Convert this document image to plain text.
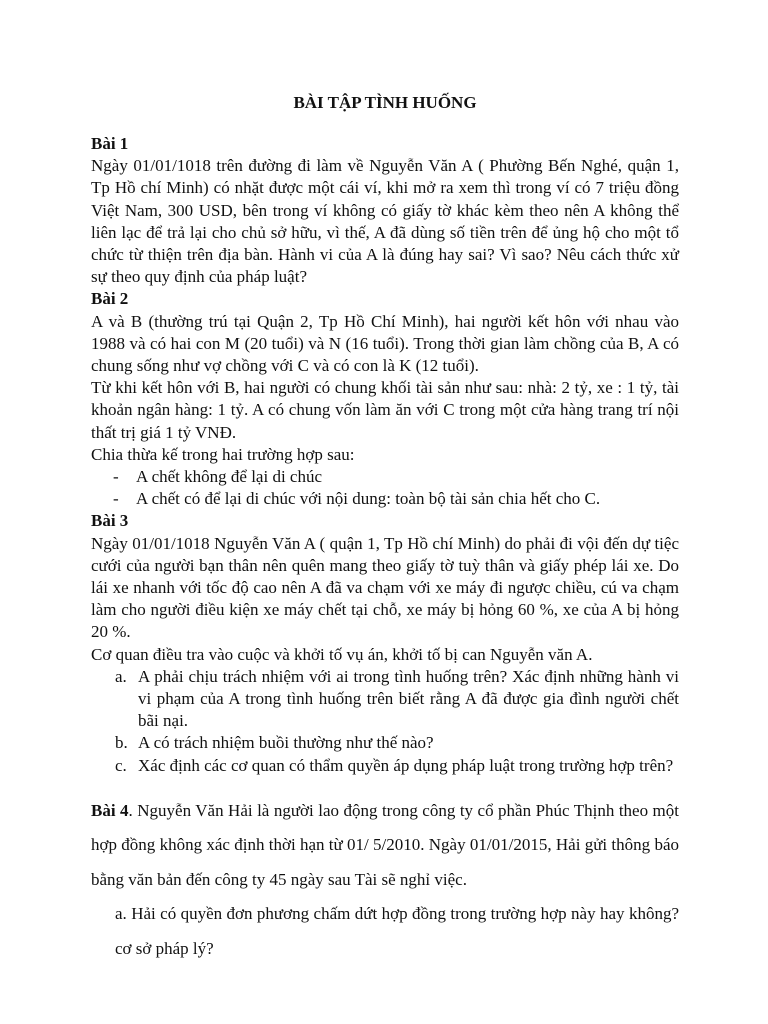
BÀI TẬP TÌNH HUỐNG
Bài 1

Ngày 01/01/1018 trên đường đi làm về Nguyễn Văn A ( Phường Bến Nghé, quận 1, Tp Hồ chí Minh) có nhặt được một cái ví, khi mở ra xem thì trong ví có 7 triệu đồng Việt Nam, 300 USD, bên trong ví không có giấy tờ khác kèm theo nên A không thể liên lạc để trả lại cho chủ sở hữu, vì thế, A đã dùng số tiền trên để ủng hộ cho một tổ chức từ thiện trên địa bàn. Hành vi của A là đúng hay sai? Vì sao? Nêu cách thức xử sự theo quy định của pháp luật?

Bài 2

A và B (thường trú tại Quận 2, Tp Hồ Chí Minh), hai người kết hôn với nhau vào 1988 và có hai con M (20 tuổi) và N (16 tuổi). Trong thời gian làm chồng của B, A có chung sống như vợ chồng với C và có con là K (12 tuổi).

Từ khi kết hôn với B, hai người có chung khối tài sản như sau: nhà: 2 tỷ, xe : 1 tỷ, tài khoản ngân hàng: 1 tỷ. A có chung vốn làm ăn với C trong một cửa hàng trang trí nội thất trị giá 1 tỷ VNĐ.

Chia thừa kế trong hai trường hợp sau:

- A chết không để lại di chúc
- A chết có để lại di chúc với nội dung: toàn bộ tài sản chia hết cho C.
Bài 3

Ngày 01/01/1018 Nguyễn Văn A ( quận 1, Tp Hồ chí Minh) do phải đi vội đến dự tiệc cưới của người bạn thân nên quên mang theo giấy tờ tuỳ thân và giấy phép lái xe. Do lái xe nhanh với tốc độ cao nên A đã va chạm với xe máy đi ngược chiều, cú va chạm làm cho người điều kiện xe máy chết tại chỗ, xe máy bị hỏng 60 %, xe của A bị hỏng 20 %.

Cơ quan điều tra vào cuộc và khởi tố vụ án, khởi tố bị can Nguyễn văn A.

a. A phải chịu trách nhiệm với ai trong tình huống trên? Xác định những hành vi vi phạm của A trong tình huống trên biết rằng A đã được gia đình người chết bãi nại.
b. A có trách nhiệm buồi thường như thế nào?
c. Xác định các cơ quan có thẩm quyền áp dụng pháp luật trong trường hợp trên?

Bài 4. Nguyễn Văn Hải là người lao động trong công ty cổ phần Phúc Thịnh theo một hợp đồng không xác định thời hạn từ 01/ 5/2010. Ngày 01/01/2015, Hải gửi thông báo bằng văn bản đến công ty 45 ngày sau Tài sẽ nghỉ việc.

a. Hải có quyền đơn phương chấm dứt hợp đồng trong trường hợp này hay không? cơ sở pháp lý?
